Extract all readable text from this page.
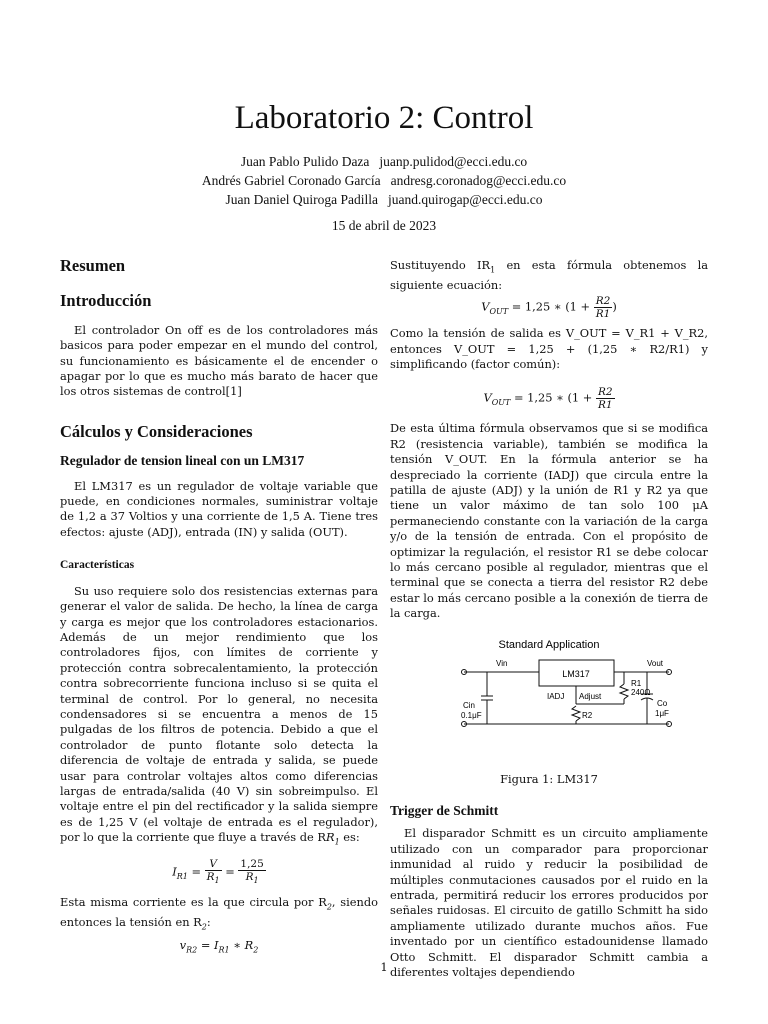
Laboratorio 2: Control
Juan Pablo Pulido Daza juanp.pulidod@ecci.edu.co
Andrés Gabriel Coronado García andresg.coronadog@ecci.edu.co
Juan Daniel Quiroga Padilla juand.quirogap@ecci.edu.co
15 de abril de 2023
Resumen
Introducción

El controlador On off es de los controladores más basicos para poder empezar en el mundo del control, su funcionamiento es básicamente el de encender o apagar por lo que es mucho más barato de hacer que los otros sistemas de control[1]

Cálculos y Consideraciones
Regulador de tension lineal con un LM317

El LM317 es un regulador de voltaje variable que puede, en condiciones normales, suministrar voltaje de 1,2 a 37 Voltios y una corriente de 1,5 A. Tiene tres efectos: ajuste (ADJ), entrada (IN) y salida (OUT).

Características

Su uso requiere solo dos resistencias externas para generar el valor de salida. De hecho, la línea de carga y carga es mejor que los controladores estacionarios. Además de un mejor rendimiento que los controladores fijos, con límites de corriente y protección contra sobrecalentamiento, la protección contra sobrecorriente funciona incluso si se quita el terminal de control. Por lo general, no necesita condensadores si se encuentra a menos de 15 pulgadas de los filtros de potencia. Debido a que el controlador de punto flotante solo detecta la diferencia de voltaje de entrada y salida, se puede usar para controlar voltajes altos como diferencias largas de entrada/salida (40 V) sin sobreimpulso. El voltaje entre el pin del rectificador y la salida siempre es de 1,25 V (el voltaje de entrada es el regulador), por lo que la corriente que fluye a través de $RR_1$ es:

$I_{R1} = \frac{V}{R_1} = \frac{1,25}{R_1}$

Esta misma corriente es la que circula por $R_2$, siendo entonces la tensión en $R_2$:

$v_{R2} = I_{R1}$ ∗ $R_2$

Sustituyendo $IR_1$ en esta fórmula obtenemos la siguiente ecuación:

$V_{OUT} = 1,25$ ∗ ($1 + \frac{R2}{R1}$ )

Como la tensión de salida es V_OUT = V_R1 + V_R2, entonces V_OUT = 1,25 + (1,25 ∗ R2/R1) y simplificando (factor común):

$V_{OUT} = 1,25$ ∗ ($1 + \frac{R2}{R1}$

De esta última fórmula observamos que si se modifica R2 (resistencia variable), también se modifica la tensión V_OUT. En la fórmula anterior se ha despreciado la corriente (IADJ) que circula entre la patilla de ajuste (ADJ) y la unión de R1 y R2 ya que tiene un valor máximo de tan solo 100 μA permaneciendo constante con la variación de la carga y/o de la tensión de entrada. Con el propósito de optimizar la regulación, el resistor R1 se debe colocar lo más cercano posible al regulador, mientras que el terminal que se conecta a tierra del resistor R2 debe estar lo más cercano posible a la conexión de tierra de la carga.

Standard Application
Vin	Vout
LM317
Cin
0.1μF
IADJ Adjust
R1
240Ω
R2
Co
1μF
Figura 1: LM317
Trigger de Schmitt

El disparador Schmitt es un circuito ampliamente utilizado con un comparador para proporcionar inmunidad al ruido y reducir la posibilidad de múltiples conmutaciones causados por el ruido en la entrada, permitirá reducir los errores producidos por señales ruidosas. El circuito de gatillo Schmitt ha sido ampliamente utilizado durante muchos años. Fue inventado por un científico estadounidense llamado Otto Schmitt. El disparador Schmitt cambia a diferentes voltajes dependiendo

1
